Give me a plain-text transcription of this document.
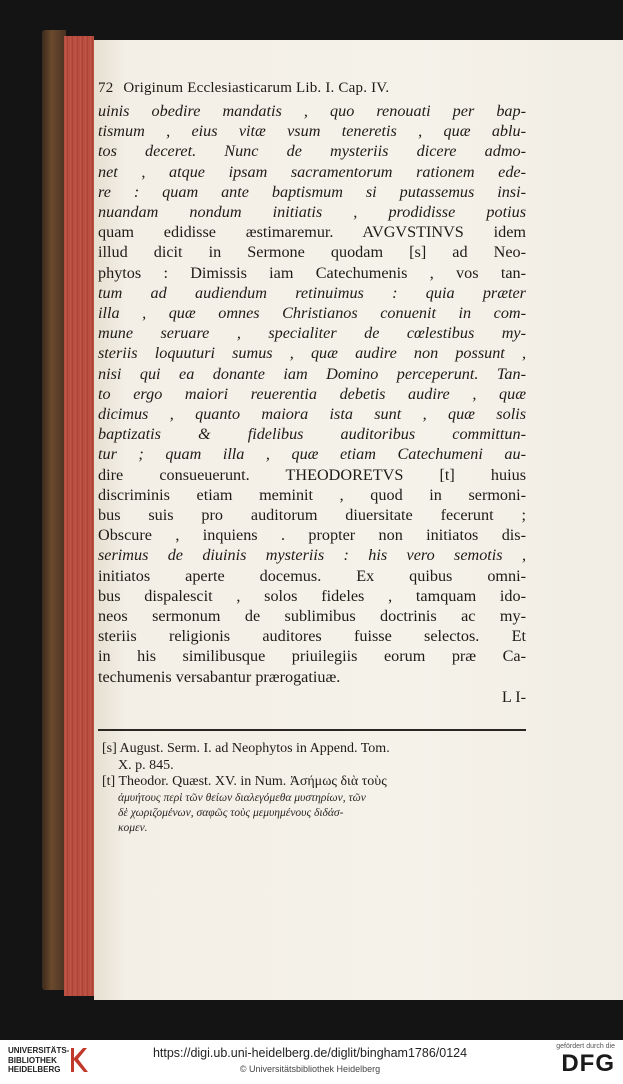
72 Originum Ecclesiasticarum Lib. I. Cap. IV.
uinis obedire mandatis , quo renouati per bap-
tismum , eius vitæ vsum teneretis , quæ ablu-
tos deceret. Nunc de mysteriis dicere admo-
net , atque ipsam sacramentorum rationem ede-
re : quam ante baptismum si putassemus insi-
nuandam nondum initiatis , prodidisse potius
quam edidisse æstimaremur. AVGVSTINVS idem
illud dicit in Sermone quodam [s] ad Neo-
phytos : Dimissis iam Catechumenis , vos tan-
tum ad audiendum retinuimus : quia præter
illa , quæ omnes Christianos conuenit in com-
mune seruare , specialiter de cœlestibus my-
steriis loquuturi sumus , quæ audire non possunt ,
nisi qui ea donante iam Domino perceperunt. Tan-
to ergo maiori reuerentia debetis audire , quæ
dicimus , quanto maiora ista sunt , quæ solis
baptizatis & fidelibus auditoribus committun-
tur ; quam illa , quæ etiam Catechumeni au-
dire consueuerunt. THEODORETVS [t] huius
discriminis etiam meminit , quod in sermoni-
bus suis pro auditorum diuersitate fecerunt ;
Obscure , inquiens . propter non initiatos dis-
serimus de diuinis mysteriis : his vero semotis ,
initiatos aperte docemus. Ex quibus omni-
bus dispalescit , solos fideles , tamquam ido-
neos sermonum de sublimibus doctrinis ac my-
steriis religionis auditores fuisse selectos. Et
in his similibusque priuilegiis eorum præ Ca-
techumenis versabantur prærogatiuæ.
L I-
[s] August. Serm. I. ad Neophytos in Append. Tom.
X. p. 845.
[t] Theodor. Quæst. XV. in Num. Ἀσήμως διὰ τοὺς
ἀμυήτους περὶ τῶν θείων διαλεγόμεθα μυστηρίων, τῶν
δὲ χωριζομένων, σαφῶς τοὺς μεμυημένους διδάσ-
κομεν.
UNIVERSITÄTS-
BIBLIOTHEK
HEIDELBERG
https://digi.ub.uni-heidelberg.de/diglit/bingham1786/0124
© Universitätsbibliothek Heidelberg
gefördert durch die
DFG
